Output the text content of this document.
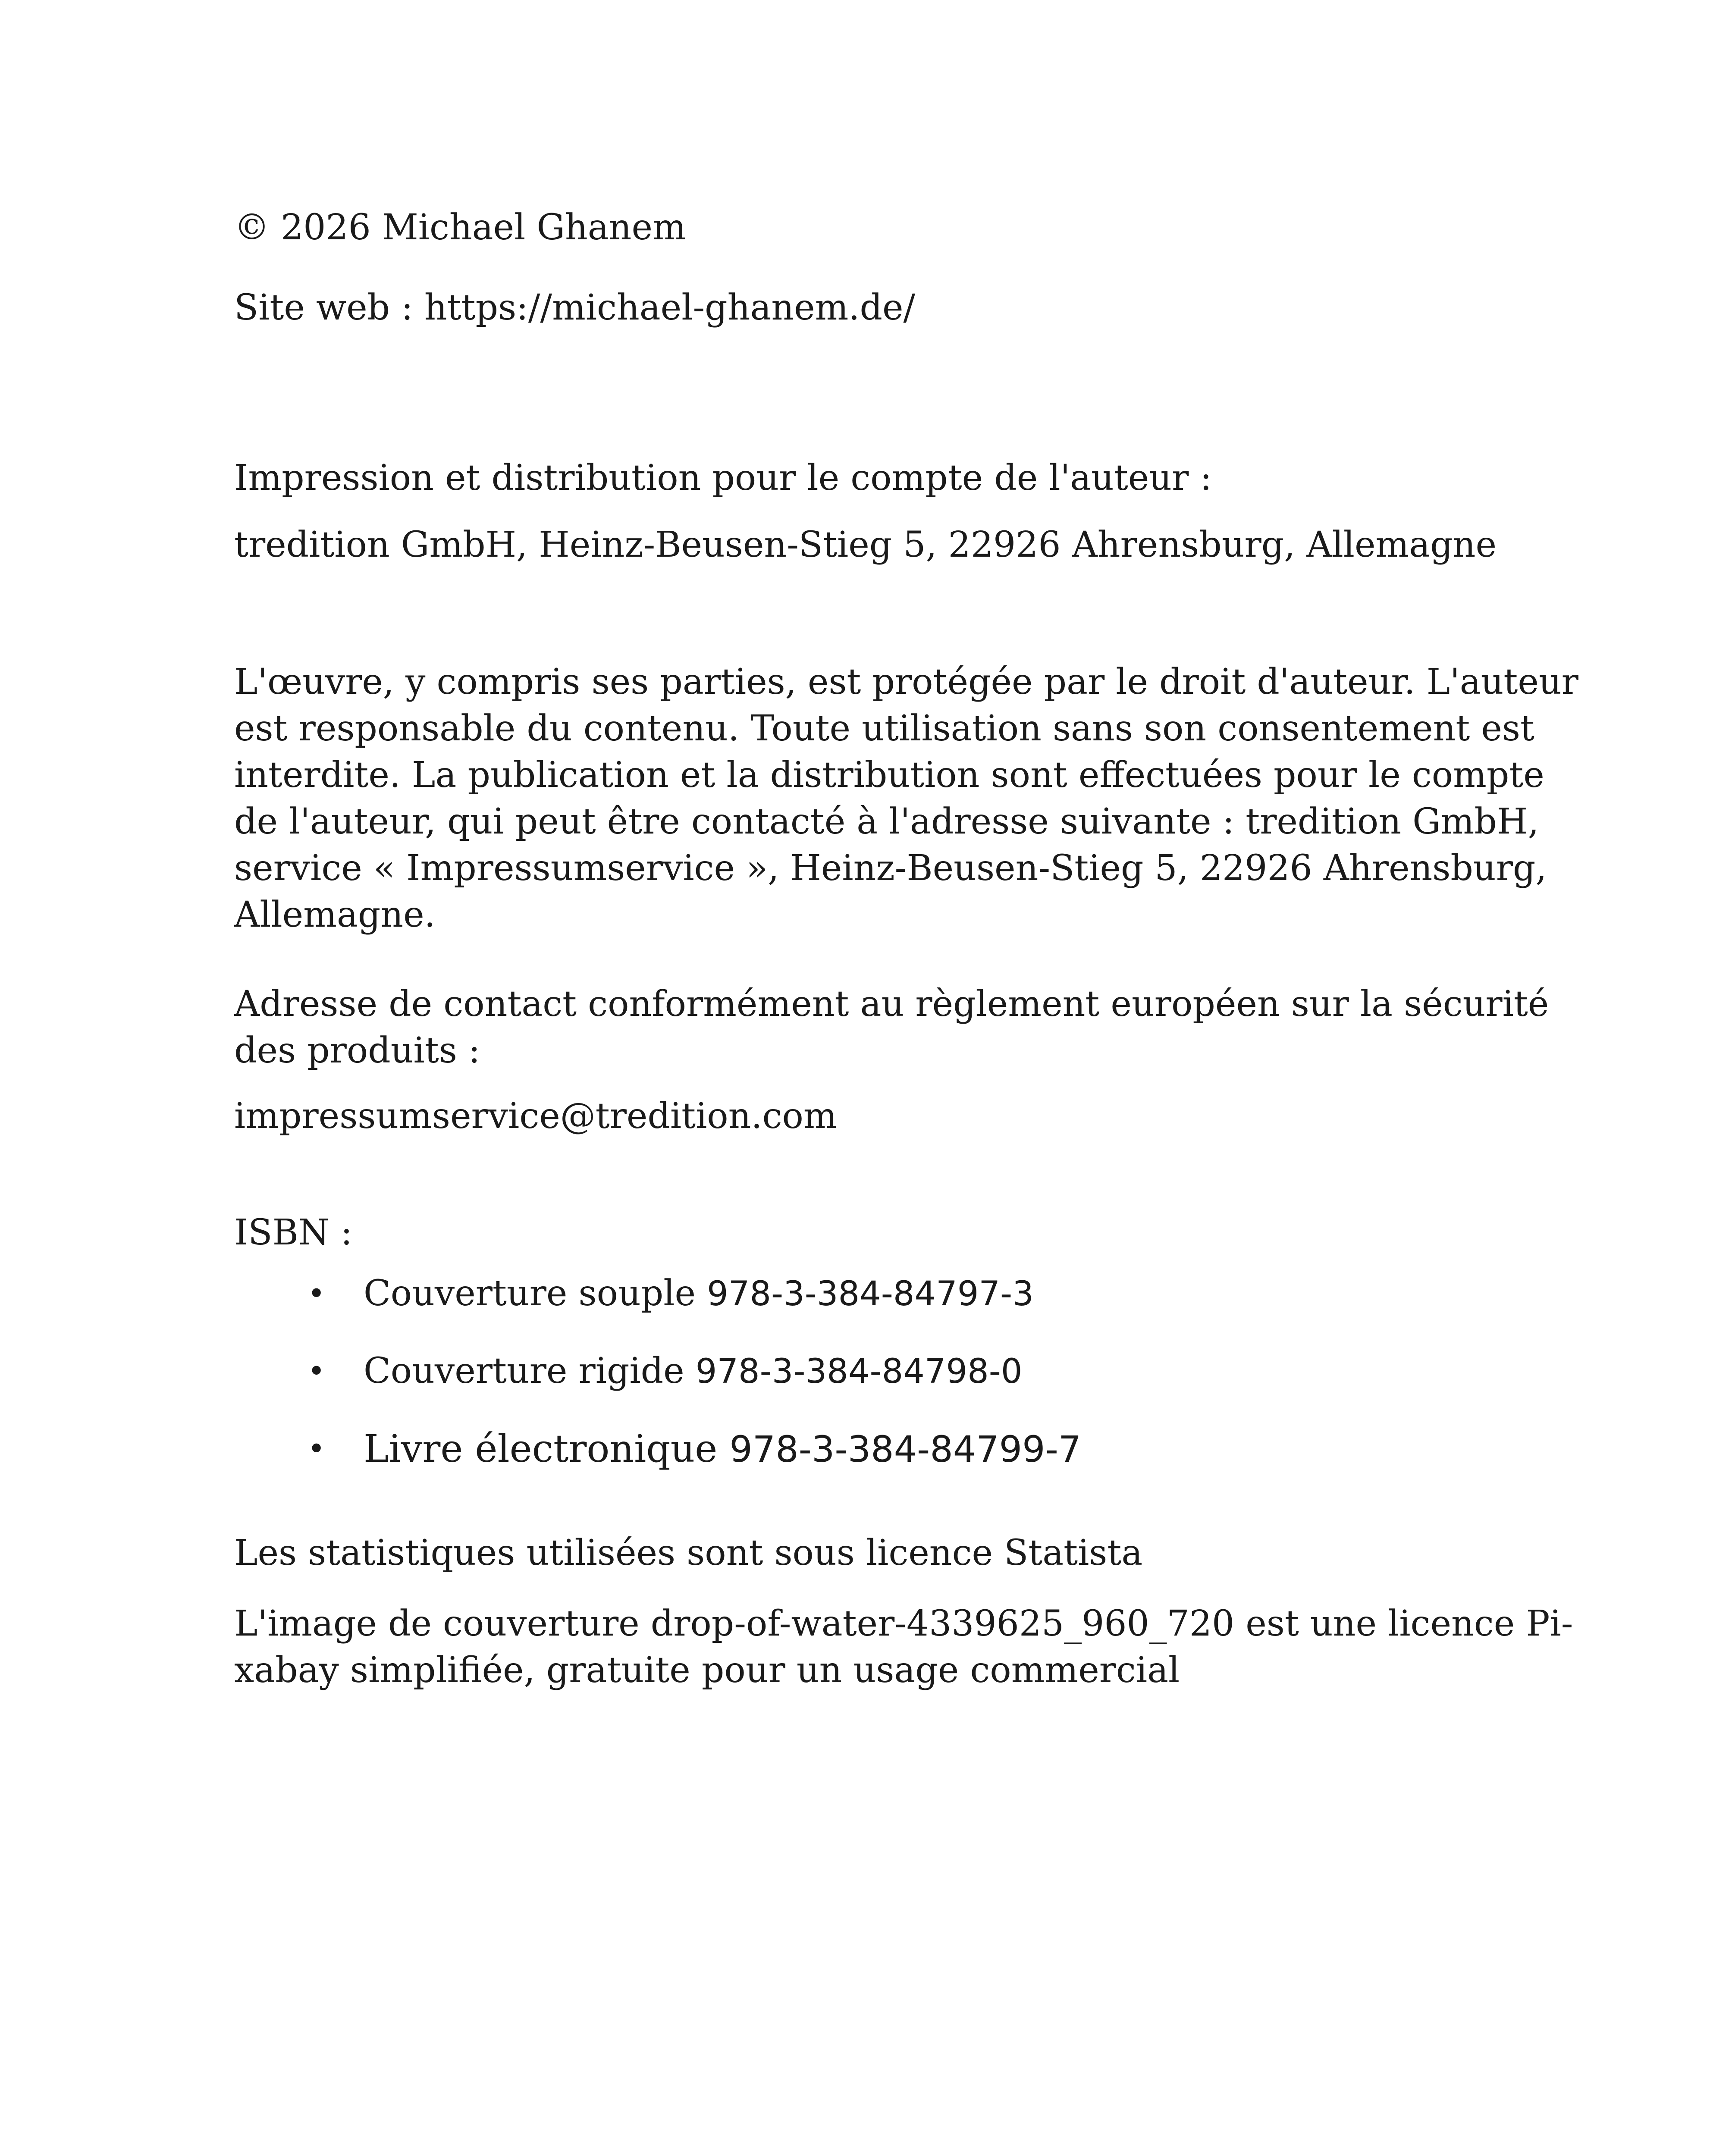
© 2026 Michael Ghanem

Site web : https://michael-ghanem.de/

Impression et distribution pour le compte de l'auteur :

tredition GmbH, Heinz-Beusen-Stieg 5, 22926 Ahrensburg, Allemagne

L'œuvre, y compris ses parties, est protégée par le droit d'auteur. L'auteur
est responsable du contenu. Toute utilisation sans son consentement est
interdite. La publication et la distribution sont effectuées pour le compte
de l'auteur, qui peut être contacté à l'adresse suivante : tredition GmbH,
service « Impressumservice », Heinz-Beusen-Stieg 5, 22926 Ahrensburg,
Allemagne.
Adresse de contact conformément au règlement européen sur la sécurité
des produits :

impressumservice@tredition.com

ISBN :

• Couverture souple 978-3-384-84797-3
• Couverture rigide 978-3-384-84798-0
• Livre électronique 978-3-384-84799-7

Les statistiques utilisées sont sous licence Statista

L'image de couverture drop-of-water-4339625_960_720 est une licence Pi-
xabay simplifiée, gratuite pour un usage commercial
